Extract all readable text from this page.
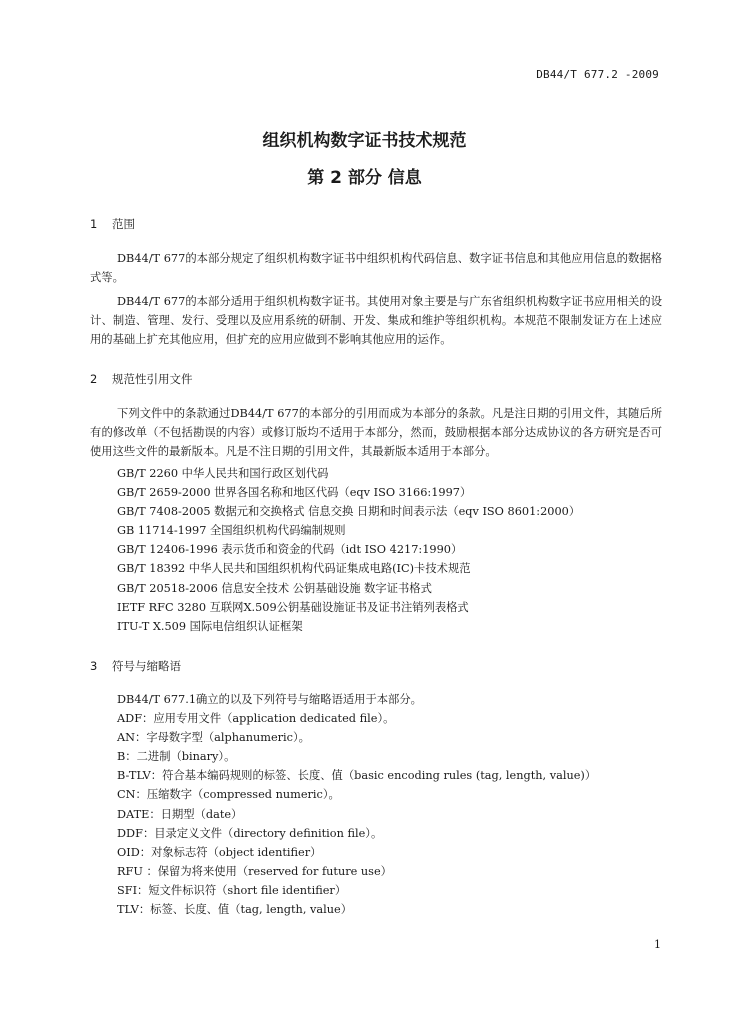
DB44/T 677.2 -2009
组织机构数字证书技术规范
第 2 部分 信息
1 范围

DB44/T 677的本部分规定了组织机构数字证书中组织机构代码信息、数字证书信息和其他应用信息的数据格式等。

DB44/T 677的本部分适用于组织机构数字证书。其使用对象主要是与广东省组织机构数字证书应用相关的设计、制造、管理、发行、受理以及应用系统的研制、开发、集成和维护等组织机构。本规范不限制发证方在上述应用的基础上扩充其他应用，但扩充的应用应做到不影响其他应用的运作。

2 规范性引用文件

下列文件中的条款通过DB44/T 677的本部分的引用而成为本部分的条款。凡是注日期的引用文件，其随后所有的修改单（不包括勘误的内容）或修订版均不适用于本部分，然而，鼓励根据本部分达成协议的各方研究是否可使用这些文件的最新版本。凡是不注日期的引用文件，其最新版本适用于本部分。

GB/T 2260 中华人民共和国行政区划代码
GB/T 2659-2000 世界各国名称和地区代码（eqv ISO 3166:1997）
GB/T 7408-2005 数据元和交换格式 信息交换 日期和时间表示法（eqv ISO 8601:2000）
GB 11714-1997 全国组织机构代码编制规则
GB/T 12406-1996 表示货币和资金的代码（idt ISO 4217:1990）
GB/T 18392 中华人民共和国组织机构代码证集成电路(IC)卡技术规范
GB/T 20518-2006 信息安全技术 公钥基础设施 数字证书格式
IETF RFC 3280 互联网X.509公钥基础设施证书及证书注销列表格式
ITU-T X.509 国际电信组织认证框架
3 符号与缩略语
DB44/T 677.1确立的以及下列符号与缩略语适用于本部分。
ADF：应用专用文件（application dedicated file）。
AN：字母数字型（alphanumeric）。
B：二进制（binary）。
B-TLV：符合基本编码规则的标签、长度、值（basic encoding rules (tag, length, value)）
CN：压缩数字（compressed numeric）。
DATE：日期型（date）
DDF：目录定义文件（directory definition file）。
OID：对象标志符（object identifier）
RFU ：保留为将来使用（reserved for future use）
SFI：短文件标识符（short file identifier）
TLV：标签、长度、值（tag, length, value）
1
